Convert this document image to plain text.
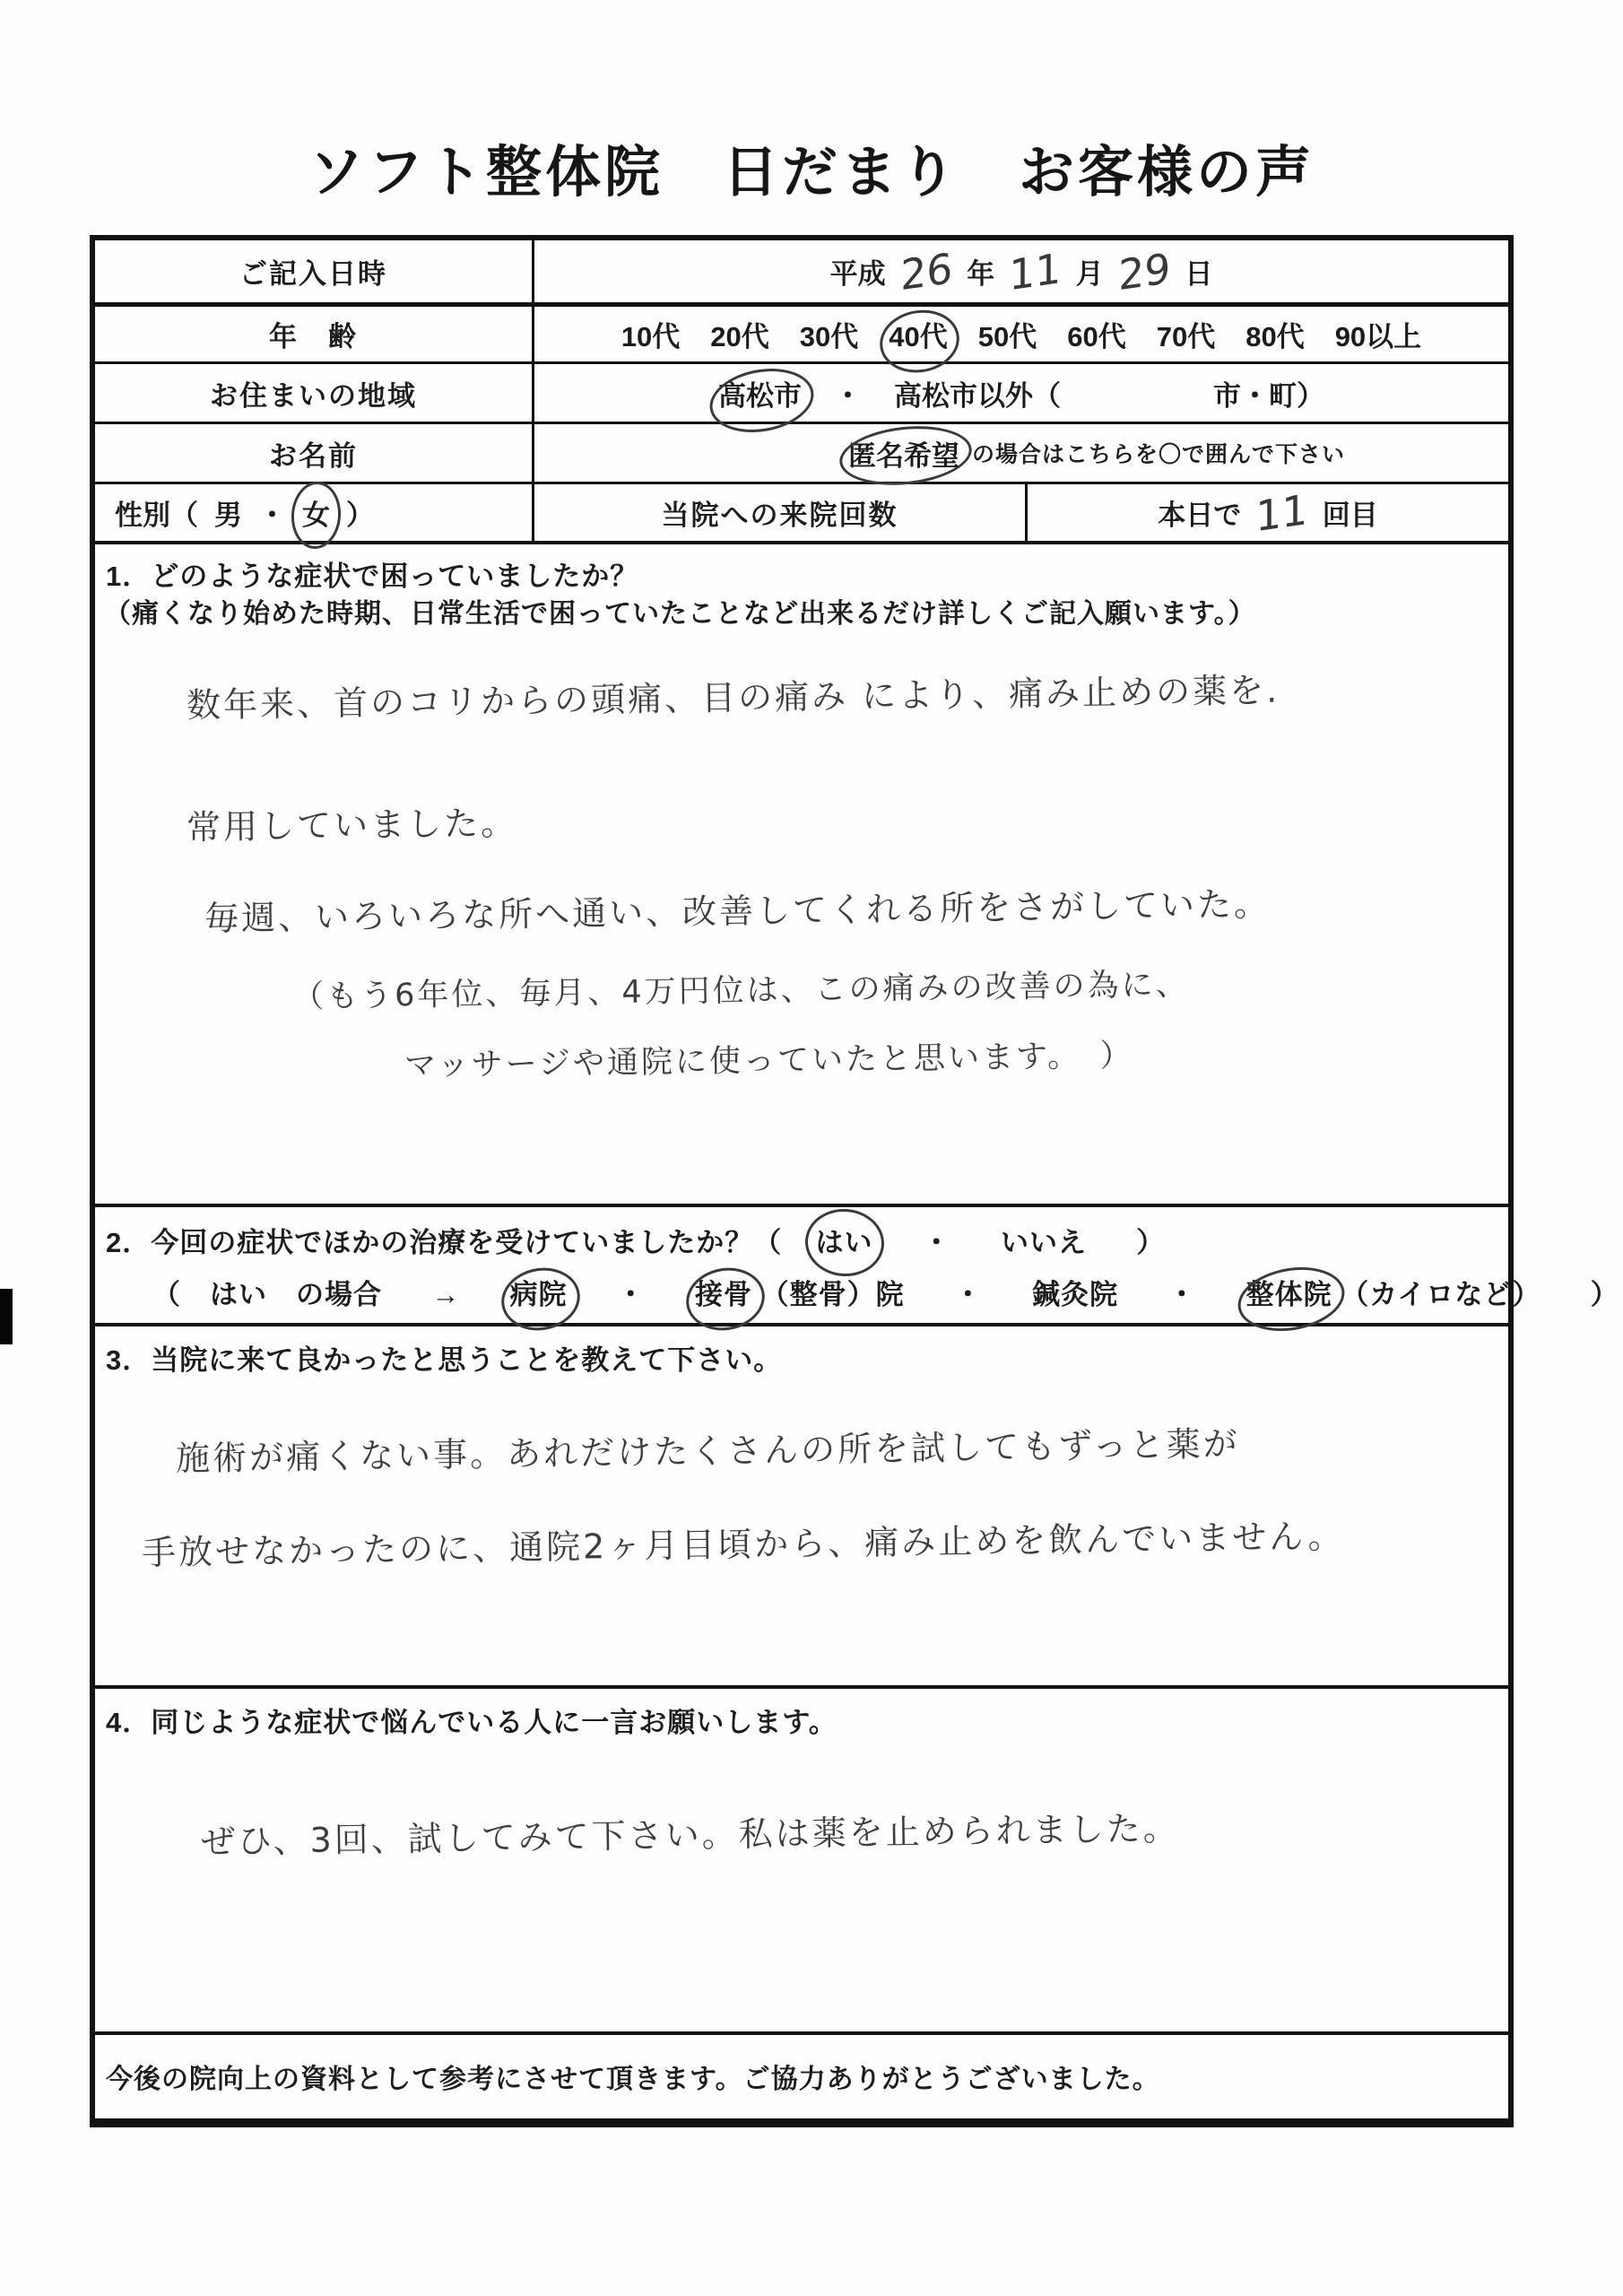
ソフト整体院　日だまり　お客様の声
ご記入日時	平成 26 年 11 月 29 日
年　齢	10代 20代 30代 40代 50代 60代 70代 80代 90以上
お住まいの地域	高松市 ・ 高松市以外（	市・町）
お名前	匿名希望 の場合はこちらを〇で囲んで下さい
性別（ 男 ・ 女 ）	当院への来院回数	本日で 11 回目
1．どのような症状で困っていましたか？
（痛くなり始めた時期、日常生活で困っていたことなど出来るだけ詳しくご記入願います。）
数年来、首のコリからの頭痛、目の痛み により、痛み止めの薬を.
常用していました。
毎週、いろいろな所へ通い、改善してくれる所をさがしていた。
（もう6年位、毎月、4万円位は、この痛みの改善の為に、
マッサージや通院に使っていたと思います。　）
2．今回の症状でほかの治療を受けていましたか？（ はい ・ いいえ ）
（　はい　の場合 → 病院 ・ 接骨 （整骨）院 ・ 鍼灸院 ・ 整体院 （カイロなど） ）
3．当院に来て良かったと思うことを教えて下さい。
施術が痛くない事。あれだけたくさんの所を試してもずっと薬が
手放せなかったのに、通院2ヶ月目頃から、痛み止めを飲んでいません。
4．同じような症状で悩んでいる人に一言お願いします。
ぜひ、3回、試してみて下さい。私は薬を止められました。
今後の院向上の資料として参考にさせて頂きます。ご協力ありがとうございました。
